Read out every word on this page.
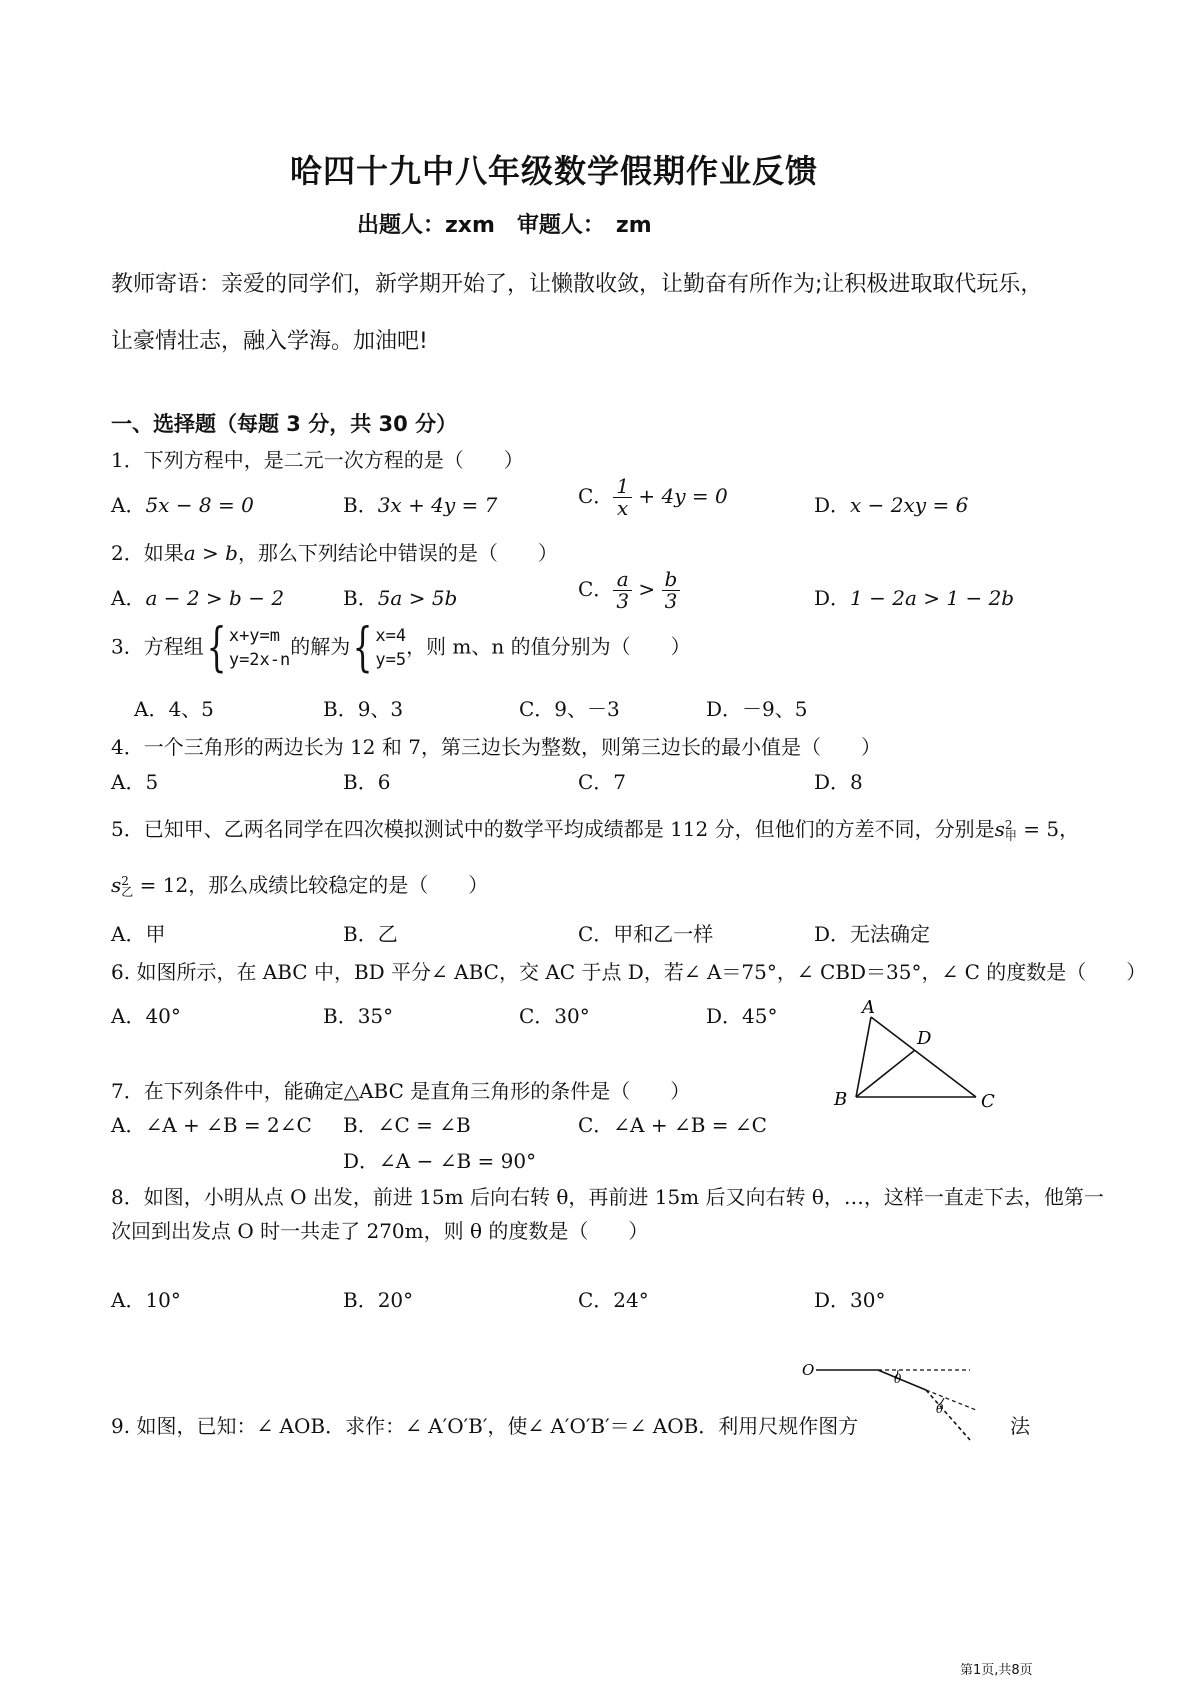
哈四十九中八年级数学假期作业反馈
出题人：zxm　审题人：　zm
教师寄语：亲爱的同学们，新学期开始了，让懒散收敛，让勤奋有所作为;让积极进取取代玩乐，
让豪情壮志，融入学海。加油吧!
一、选择题（每题 3 分，共 30 分）
1．下列方程中，是二元一次方程的是（　　）
A．5x − 8 = 0	B．3x + 4y = 7	C． $\frac{1}{x} + 4y = 0$	D．x − 2xy = 6
2．如果a > b，那么下列结论中错误的是（　　）
A．a − 2 > b − 2	B．5a > 5b	C． $\frac{a}{3} > \frac{b}{3}$	D．1 − 2a > 1 − 2b
3．方程组{ x+y=m
y=2x-n
的解为{ x=4
y=5
，则 m、n 的值分别为（　　）
A．4、5	B．9、3	C．9、－3	D．－9、5
4．一个三角形的两边长为 12 和 7，第三边长为整数，则第三边长的最小值是（　　）
A．5	B．6	C．7	D．8
5．已知甲、乙两名同学在四次模拟测试中的数学平均成绩都是 112 分，但他们的方差不同，分别是s 2
甲 = 5，
s 2
乙 = 12，那么成绩比较稳定的是（　　）
A．甲	B．乙	C．甲和乙一样	D．无法确定
6. 如图所示，在 ABC 中，BD 平分∠ ABC，交 AC 于点 D，若∠ A＝75°，∠ CBD＝35°，∠ C 的度数是（　　）
A．40°	B．35°	C．30°	D．45°	A
B	C
D
7．在下列条件中，能确定△ABC 是直角三角形的条件是（　　）
A．∠A + ∠B = 2∠C B．∠C = ∠B	C．∠A + ∠B = ∠C
D．∠A − ∠B = 90°
8．如图，小明从点 O 出发，前进 15m 后向右转 θ，再前进 15m 后又向右转 θ，…，这样一直走下去，他第一
次回到出发点 O 时一共走了 270m，则 θ 的度数是（　　）
A．10°	B．20°	C．24°	D．30°
O	θ
θ
9. 如图，已知：∠ AOB．求作：∠ A′O′B′，使∠ A′O′B′＝∠ AOB．利用尺规作图方	法
第1页,共8页
